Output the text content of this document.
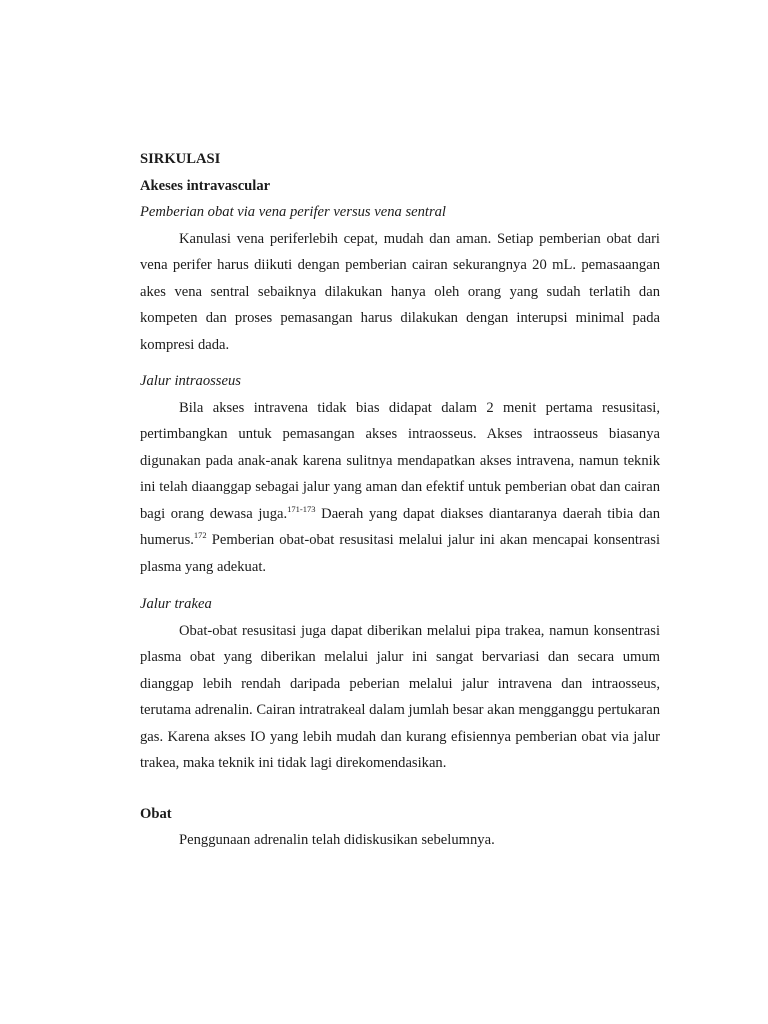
SIRKULASI

Akeses intravascular

Pemberian obat via vena perifer versus vena sentral

Kanulasi vena periferlebih cepat, mudah dan aman. Setiap pemberian obat dari vena perifer harus diikuti dengan pemberian cairan sekurangnya 20 mL. pemasaangan akes vena sentral sebaiknya dilakukan hanya oleh orang yang sudah terlatih dan kompeten dan proses pemasangan harus dilakukan dengan interupsi minimal pada kompresi dada.

Jalur intraosseus

Bila akses intravena tidak bias didapat dalam 2 menit pertama resusitasi, pertimbangkan untuk pemasangan akses intraosseus. Akses intraosseus biasanya digunakan pada anak-anak karena sulitnya mendapatkan akses intravena, namun teknik ini telah diaanggap sebagai jalur yang aman dan efektif untuk pemberian obat dan cairan bagi orang dewasa juga.$^{171-173}$ Daerah yang dapat diakses diantaranya daerah tibia dan humerus.$^{172}$ Pemberian obat-obat resusitasi melalui jalur ini akan mencapai konsentrasi plasma yang adekuat.

Jalur trakea

Obat-obat resusitasi juga dapat diberikan melalui pipa trakea, namun konsentrasi plasma obat yang diberikan melalui jalur ini sangat bervariasi dan secara umum dianggap lebih rendah daripada peberian melalui jalur intravena dan intraosseus, terutama adrenalin. Cairan intratrakeal dalam jumlah besar akan mengganggu pertukaran gas. Karena akses IO yang lebih mudah dan kurang efisiennya pemberian obat via jalur trakea, maka teknik ini tidak lagi direkomendasikan.

Obat

Penggunaan adrenalin telah didiskusikan sebelumnya.
